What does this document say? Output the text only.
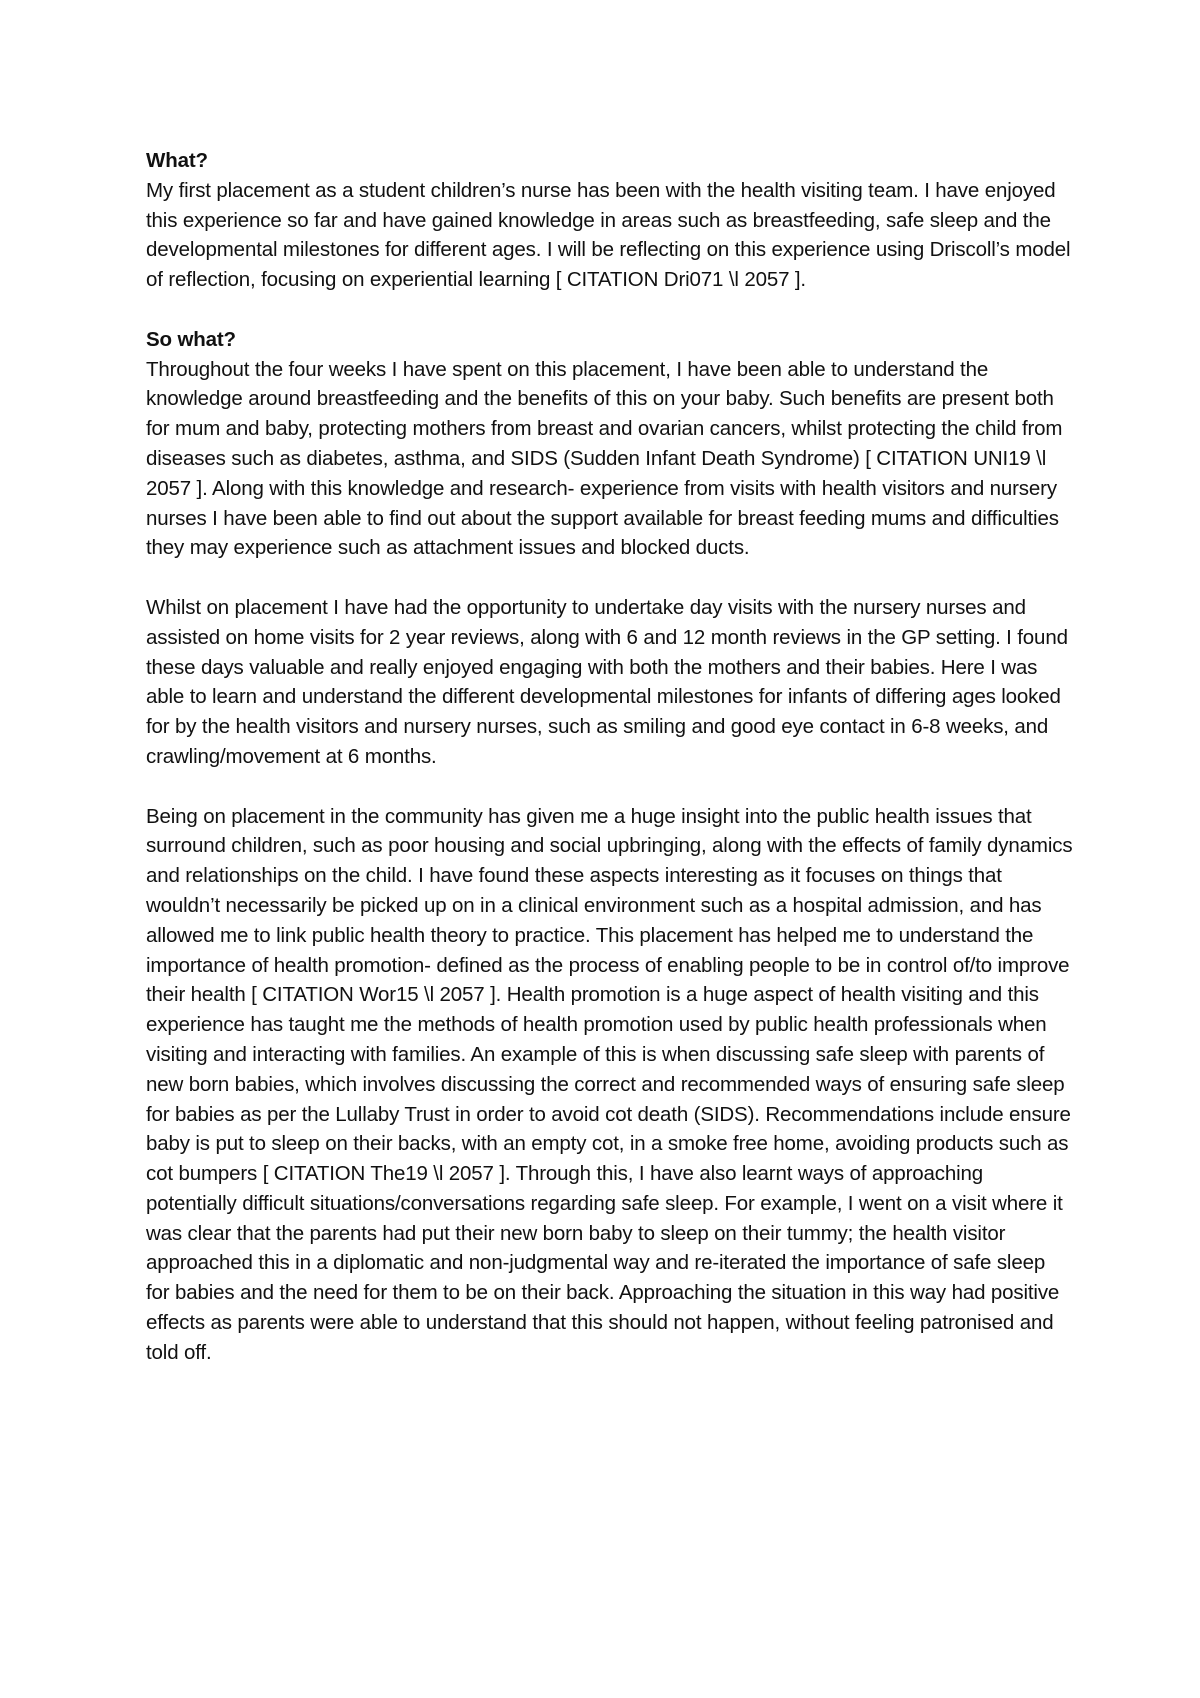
What?

My first placement as a student children’s nurse has been with the health visiting team. I have enjoyed this experience so far and have gained knowledge in areas such as breastfeeding, safe sleep and the developmental milestones for different ages. I will be reflecting on this experience using Driscoll’s model of reflection, focusing on experiential learning [ CITATION Dri071 \l 2057 ].

So what?

Throughout the four weeks I have spent on this placement, I have been able to understand the knowledge around breastfeeding and the benefits of this on your baby. Such benefits are present both for mum and baby, protecting mothers from breast and ovarian cancers, whilst protecting the child from diseases such as diabetes, asthma, and SIDS (Sudden Infant Death Syndrome) [ CITATION UNI19 \l 2057 ]. Along with this knowledge and research- experience from visits with health visitors and nursery nurses I have been able to find out about the support available for breast feeding mums and difficulties they may experience such as attachment issues and blocked ducts.

Whilst on placement I have had the opportunity to undertake day visits with the nursery nurses and assisted on home visits for 2 year reviews, along with 6 and 12 month reviews in the GP setting. I found these days valuable and really enjoyed engaging with both the mothers and their babies. Here I was able to learn and understand the different developmental milestones for infants of differing ages looked for by the health visitors and nursery nurses, such as smiling and good eye contact in 6-8 weeks, and crawling/movement at 6 months.

Being on placement in the community has given me a huge insight into the public health issues that surround children, such as poor housing and social upbringing, along with the effects of family dynamics and relationships on the child. I have found these aspects interesting as it focuses on things that wouldn’t necessarily be picked up on in a clinical environment such as a hospital admission, and has allowed me to link public health theory to practice. This placement has helped me to understand the importance of health promotion- defined as the process of enabling people to be in control of/to improve their health [ CITATION Wor15 \l 2057 ]. Health promotion is a huge aspect of health visiting and this experience has taught me the methods of health promotion used by public health professionals when visiting and interacting with families. An example of this is when discussing safe sleep with parents of new born babies, which involves discussing the correct and recommended ways of ensuring safe sleep for babies as per the Lullaby Trust in order to avoid cot death (SIDS). Recommendations include ensure baby is put to sleep on their backs, with an empty cot, in a smoke free home, avoiding products such as cot bumpers [ CITATION The19 \l 2057 ]. Through this, I have also learnt ways of approaching potentially difficult situations/conversations regarding safe sleep. For example, I went on a visit where it was clear that the parents had put their new born baby to sleep on their tummy; the health visitor approached this in a diplomatic and non-judgmental way and re-iterated the importance of safe sleep for babies and the need for them to be on their back. Approaching the situation in this way had positive effects as parents were able to understand that this should not happen, without feeling patronised and told off.
